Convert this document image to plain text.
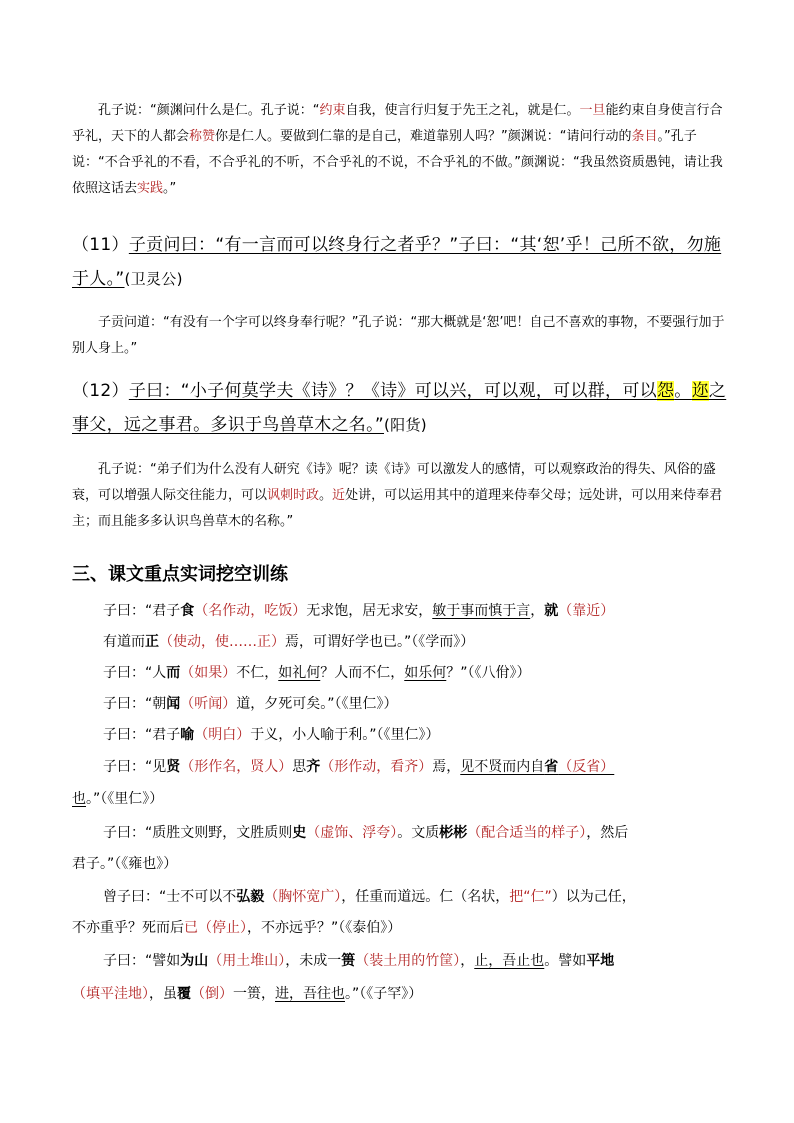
孔子说：“颜渊问什么是仁。孔子说：“约束自我，使言行归复于先王之礼，就是仁。一旦能约束自身使言行合乎礼，天下的人都会称赞你是仁人。要做到仁靠的是自己，难道靠别人吗？”颜渊说：“请问行动的条目。”孔子说：“不合乎礼的不看，不合乎礼的不听，不合乎礼的不说，不合乎礼的不做。”颜渊说：“我虽然资质愚钝，请让我依照这话去实践。”
（11）子贡问曰：“有一言而可以终身行之者乎？”子曰：“其‘恕’乎！己所不欲，勿施于人。”(卫灵公)
子贡问道：“有没有一个字可以终身奉行呢？”孔子说：“那大概就是‘恕’吧！自己不喜欢的事物，不要强行加于别人身上。”
（12）子曰：“小子何莫学夫《诗》？《诗》可以兴，可以观，可以群，可以怨。迩之事父，远之事君。多识于鸟兽草木之名。”(阳货)
孔子说：“弟子们为什么没有人研究《诗》呢？读《诗》可以激发人的感情，可以观察政治的得失、风俗的盛衰，可以增强人际交往能力，可以讽刺时政。近处讲，可以运用其中的道理来侍奉父母；远处讲，可以用来侍奉君主；而且能多多认识鸟兽草木的名称。”
三、课文重点实词挖空训练
子曰：“君子食（名作动，吃饭）无求饱，居无求安，敏于事而慎于言，就（靠近）
有道而正（使动，使……正）焉，可谓好学也已。”（《学而》）
子曰：“人而（如果）不仁，如礼何？人而不仁，如乐何？”（《八佾》）
子曰：“朝闻（听闻）道，夕死可矣。”（《里仁》）
子曰：“君子喻（明白）于义，小人喻于利。”（《里仁》）
子曰：“见贤（形作名，贤人）思齐（形作动，看齐）焉，见不贤而内自省（反省）
也。”（《里仁》）
子曰：“质胜文则野，文胜质则史（虚饰、浮夸）。文质彬彬（配合适当的样子），然后
君子。”（《雍也》）
曾子曰：“士不可以不弘毅（胸怀宽广），任重而道远。仁（名状，把“仁”）以为己任，
不亦重乎？死而后已（停止），不亦远乎？”（《泰伯》）
子曰：“譬如为山（用土堆山），未成一篑（装土用的竹筐），止，吾止也。譬如平地
（填平洼地），虽覆（倒）一篑，进，吾往也。”（《子罕》）
